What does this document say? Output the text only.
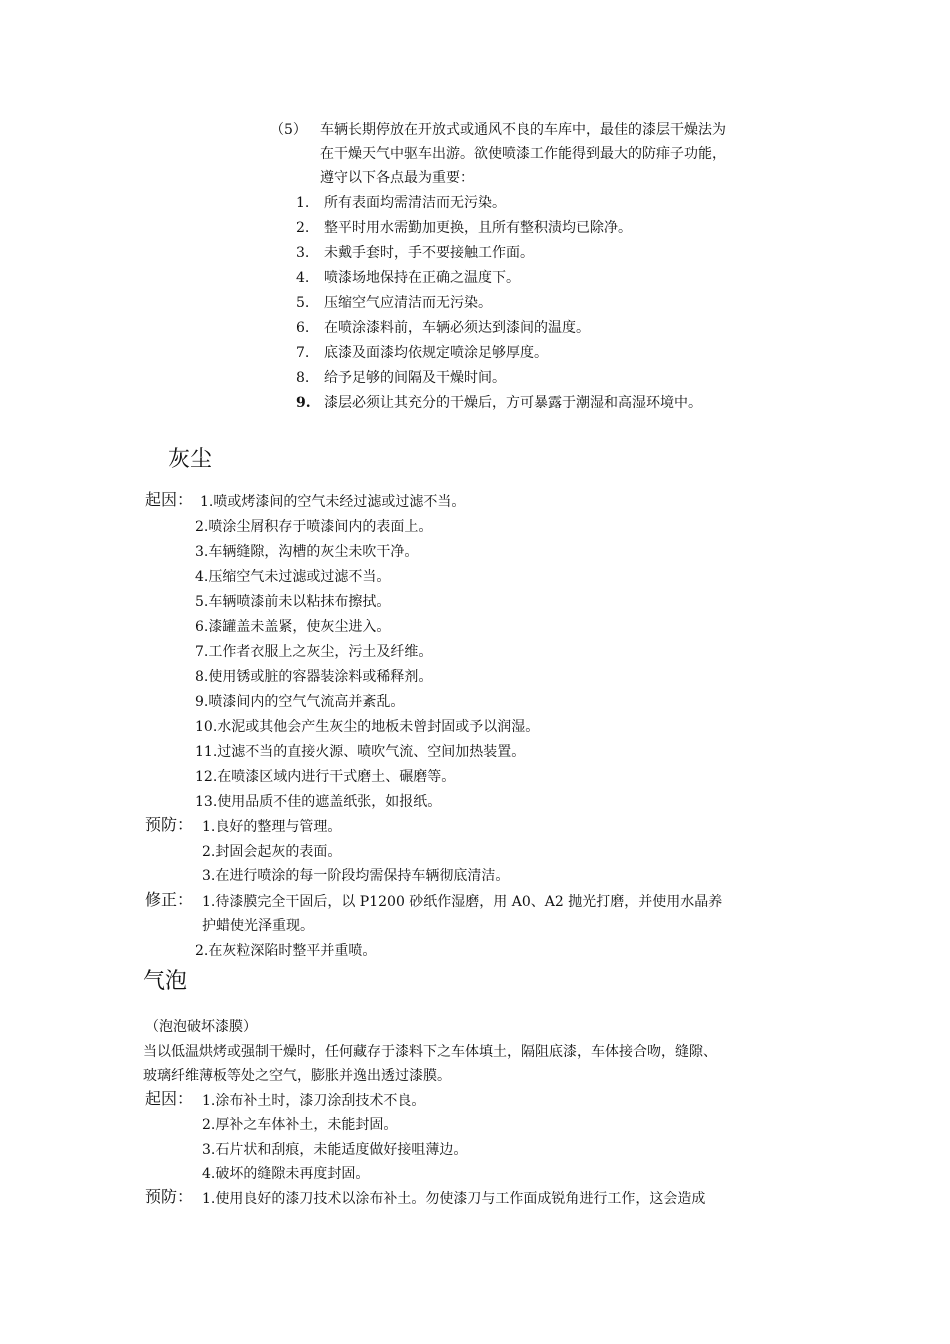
（5） 车辆长期停放在开放式或通风不良的车库中，最佳的漆层干燥法为
在干燥天气中驱车出游。欲使喷漆工作能得到最大的防痱子功能，
遵守以下各点最为重要：
1. 所有表面均需清洁而无污染。
2. 整平时用水需勤加更换，且所有整积渍均已除净。
3. 未戴手套时，手不要接触工作面。
4. 喷漆场地保持在正确之温度下。
5. 压缩空气应清洁而无污染。
6. 在喷涂漆料前，车辆必须达到漆间的温度。
7. 底漆及面漆均依规定喷涂足够厚度。
8. 给予足够的间隔及干燥时间。
9. 漆层必须让其充分的干燥后，方可暴露于潮湿和高湿环境中。
灰尘
起因： 1.喷或烤漆间的空气未经过滤或过滤不当。
2.喷涂尘屑积存于喷漆间内的表面上。
3.车辆缝隙，沟槽的灰尘未吹干净。
4.压缩空气未过滤或过滤不当。
5.车辆喷漆前未以粘抹布擦拭。
6.漆罐盖未盖紧，使灰尘进入。
7.工作者衣服上之灰尘，污土及纤维。
8.使用锈或脏的容器装涂料或稀释剂。
9.喷漆间内的空气气流高并紊乱。
10.水泥或其他会产生灰尘的地板未曾封固或予以润湿。
11.过滤不当的直接火源、喷吹气流、空间加热装置。
12.在喷漆区域内进行干式磨土、碾磨等。
13.使用品质不佳的遮盖纸张，如报纸。
预防： 1.良好的整理与管理。
2.封固会起灰的表面。
3.在进行喷涂的每一阶段均需保持车辆彻底清洁。
修正： 1.待漆膜完全干固后，以 P1200 砂纸作湿磨，用 A0、A2 抛光打磨，并使用水晶养
护蜡使光泽重现。
2.在灰粒深陷时整平并重喷。
气泡
（泡泡破坏漆膜）
当以低温烘烤或强制干燥时，任何藏存于漆料下之车体填土，隔阻底漆，车体接合吻，缝隙、
玻璃纤维薄板等处之空气，膨胀并逸出透过漆膜。
起因： 1.涂布补土时，漆刀涂刮技术不良。
2.厚补之车体补土，未能封固。
3.石片状和刮痕，未能适度做好接咀薄边。
4.破坏的缝隙未再度封固。
预防： 1.使用良好的漆刀技术以涂布补土。勿使漆刀与工作面成锐角进行工作，这会造成
